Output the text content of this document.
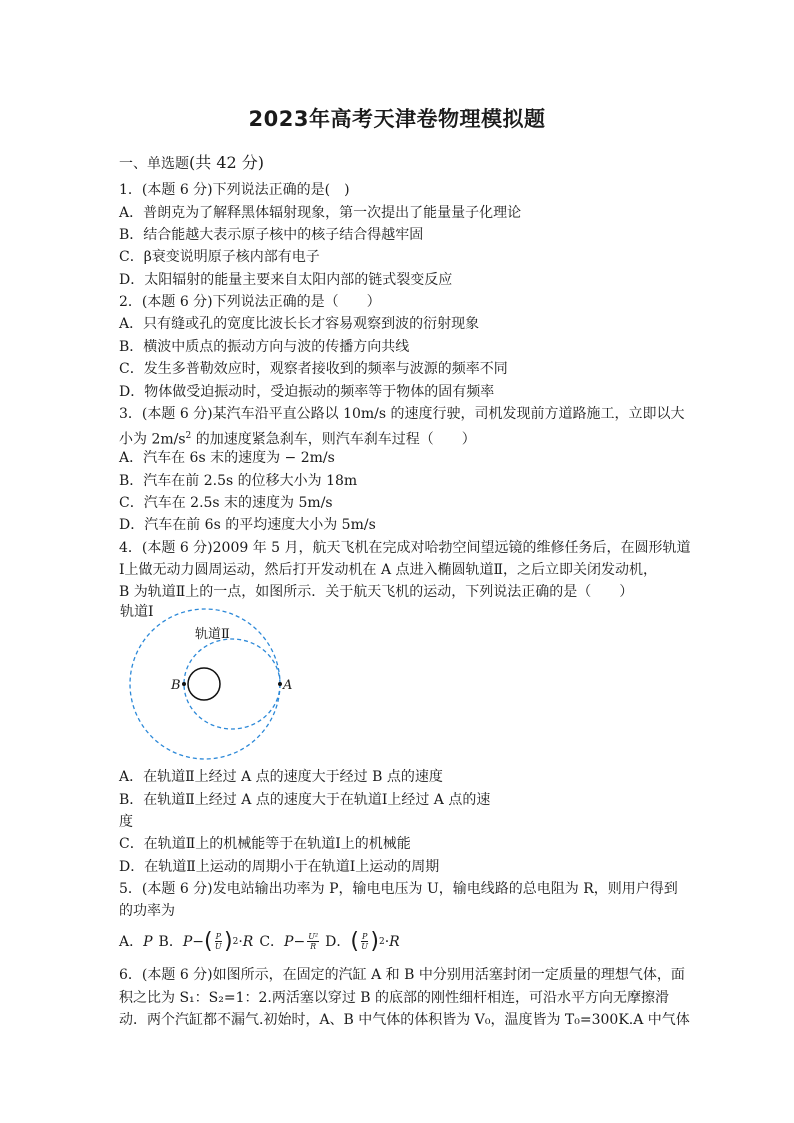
2023年高考天津卷物理模拟题
一、单选题(共 42 分)
1．(本题 6 分)下列说法正确的是(　)
A．普朗克为了解释黑体辐射现象，第一次提出了能量量子化理论
B．结合能越大表示原子核中的核子结合得越牢固
C．β衰变说明原子核内部有电子
D．太阳辐射的能量主要来自太阳内部的链式裂变反应
2．(本题 6 分)下列说法正确的是（　　）
A．只有缝或孔的宽度比波长长才容易观察到波的衍射现象
B．横波中质点的振动方向与波的传播方向共线
C．发生多普勒效应时，观察者接收到的频率与波源的频率不同
D．物体做受迫振动时，受迫振动的频率等于物体的固有频率
3．(本题 6 分)某汽车沿平直公路以 10m/s 的速度行驶，司机发现前方道路施工，立即以大
小为 $2m/s^2$ 的加速度紧急刹车，则汽车刹车过程（　　）
A．汽车在 6s 末的速度为 − 2m/s
B．汽车在前 2.5s 的位移大小为 18m
C．汽车在 2.5s 末的速度为 5m/s
D．汽车在前 6s 的平均速度大小为 5m/s
4．(本题 6 分)2009 年 5 月，航天飞机在完成对哈勃空间望远镜的维修任务后，在圆形轨道
Ⅰ上做无动力圆周运动，然后打开发动机在 A 点进入椭圆轨道Ⅱ，之后立即关闭发动机，
B 为轨道Ⅱ上的一点，如图所示．关于航天飞机的运动，下列说法正确的是（　　）
轨道Ⅰ
轨道Ⅱ
B	A
A．在轨道Ⅱ上经过 A 点的速度大于经过 B 点的速度
B．在轨道Ⅱ上经过 A 点的速度大于在轨道Ⅰ上经过 A 点的速
度
C．在轨道Ⅱ上的机械能等于在轨道Ⅰ上的机械能
D．在轨道Ⅱ上运动的周期小于在轨道Ⅰ上运动的周期
5．(本题 6 分)发电站输出功率为 P，输电电压为 U，输电线路的总电阻为 R，则用户得到
的功率为
A． P B． P− ( $\frac{P}{U}$ ) 2 · R C． $P- \frac{\text{U²}}{R}$ D． ( $\frac{P}{U}$ ) 2 · R
6．(本题 6 分)如图所示，在固定的汽缸 A 和 B 中分别用活塞封闭一定质量的理想气体，面
积之比为 S₁：S₂=1：2.两活塞以穿过 B 的底部的刚性细杆相连，可沿水平方向无摩擦滑
动．两个汽缸都不漏气.初始时，A、B 中气体的体积皆为 V₀，温度皆为 T₀=300K.A 中气体
